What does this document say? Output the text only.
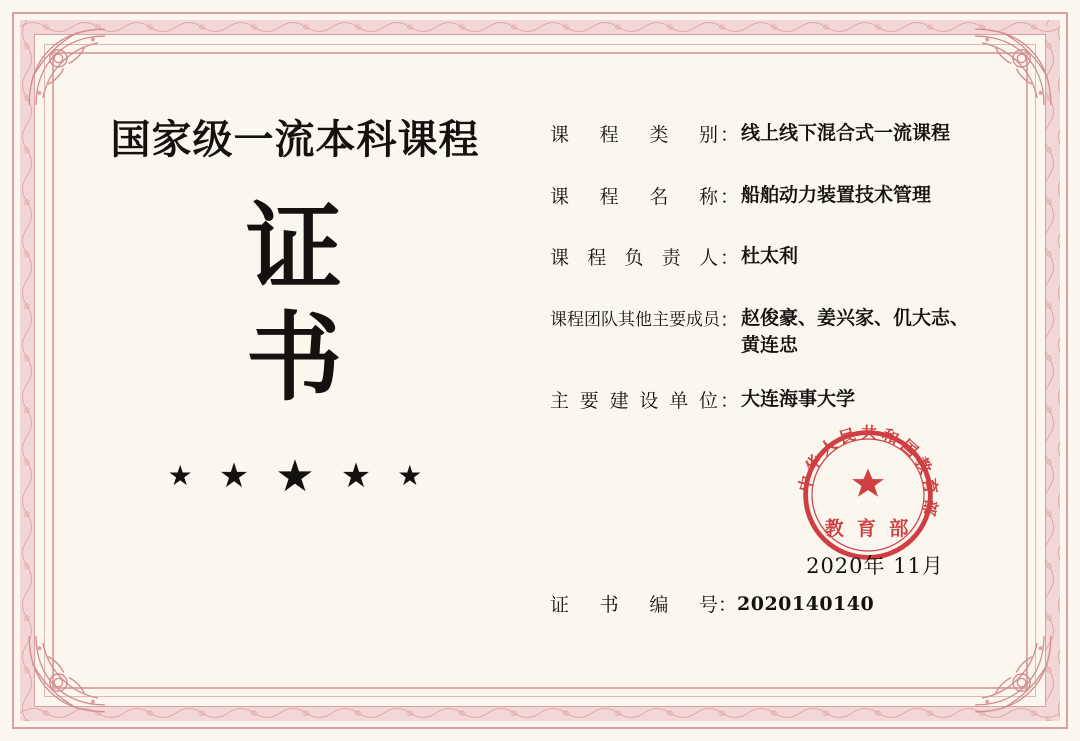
国家级一流本科课程
证
书
★ ★ ★ ★ ★
课程类别 ： 线上线下混合式一流课程
课程名称 ： 船舶动力装置技术管理
课程负责人 ： 杜太利
课程团队其他主要成员 ： 赵俊豪、姜兴家、仉大志、黄连忠
主要建设单位 ： 大连海事大学
中华人民共和国教育部
教 育 部
2020年 11月
证书编号 ： 2020140140
